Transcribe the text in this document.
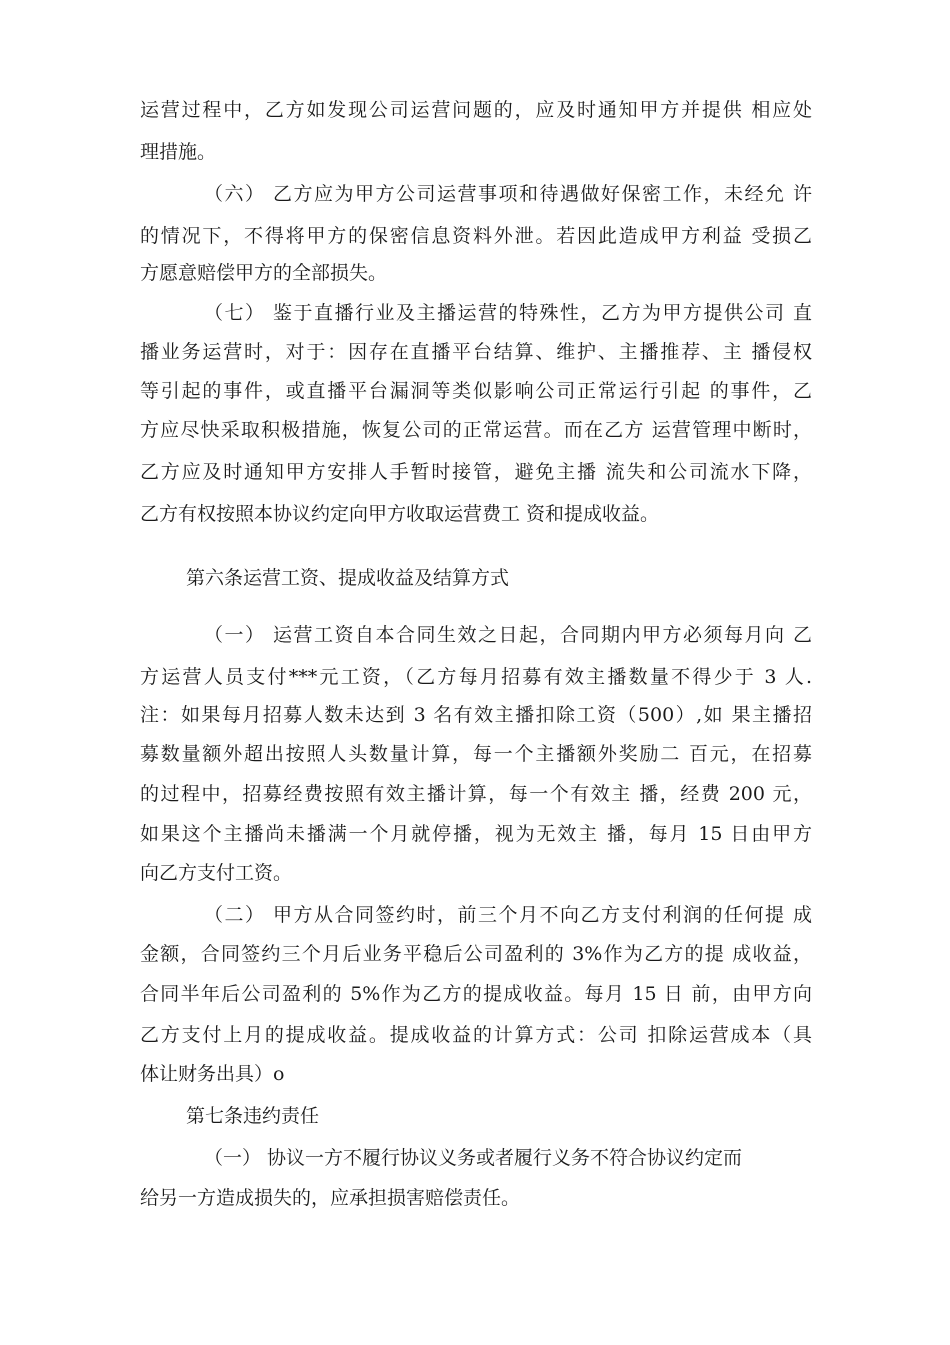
运营过程中，乙方如发现公司运营问题的，应及时通知甲方并提供 相应处
理措施。
（六） 乙方应为甲方公司运营事项和待遇做好保密工作，未经允 许
的情况下，不得将甲方的保密信息资料外泄。若因此造成甲方利益 受损乙
方愿意赔偿甲方的全部损失。
（七） 鉴于直播行业及主播运营的特殊性，乙方为甲方提供公司 直
播业务运营时，对于：因存在直播平台结算、维护、主播推荐、主 播侵权
等引起的事件，或直播平台漏洞等类似影响公司正常运行引起 的事件，乙
方应尽快采取积极措施，恢复公司的正常运营。而在乙方 运营管理中断时，
乙方应及时通知甲方安排人手暂时接管，避免主播 流失和公司流水下降，
乙方有权按照本协议约定向甲方收取运营费工 资和提成收益。
第六条运营工资、提成收益及结算方式
（一） 运营工资自本合同生效之日起，合同期内甲方必须每月向 乙
方运营人员支付***元工资，（乙方每月招募有效主播数量不得少于 3 人.
注：如果每月招募人数未达到 3 名有效主播扣除工资（500）,如 果主播招
募数量额外超出按照人头数量计算，每一个主播额外奖励二 百元，在招募
的过程中，招募经费按照有效主播计算，每一个有效主 播，经费 200 元，
如果这个主播尚未播满一个月就停播，视为无效主 播，每月 15 日由甲方
向乙方支付工资。
（二） 甲方从合同签约时，前三个月不向乙方支付利润的任何提 成
金额，合同签约三个月后业务平稳后公司盈利的 3%作为乙方的提 成收益，
合同半年后公司盈利的 5%作为乙方的提成收益。每月 15 日 前，由甲方向
乙方支付上月的提成收益。提成收益的计算方式：公司 扣除运营成本（具
体让财务出具）o
第七条违约责任
（一） 协议一方不履行协议义务或者履行义务不符合协议约定而
给另一方造成损失的，应承担损害赔偿责任。
